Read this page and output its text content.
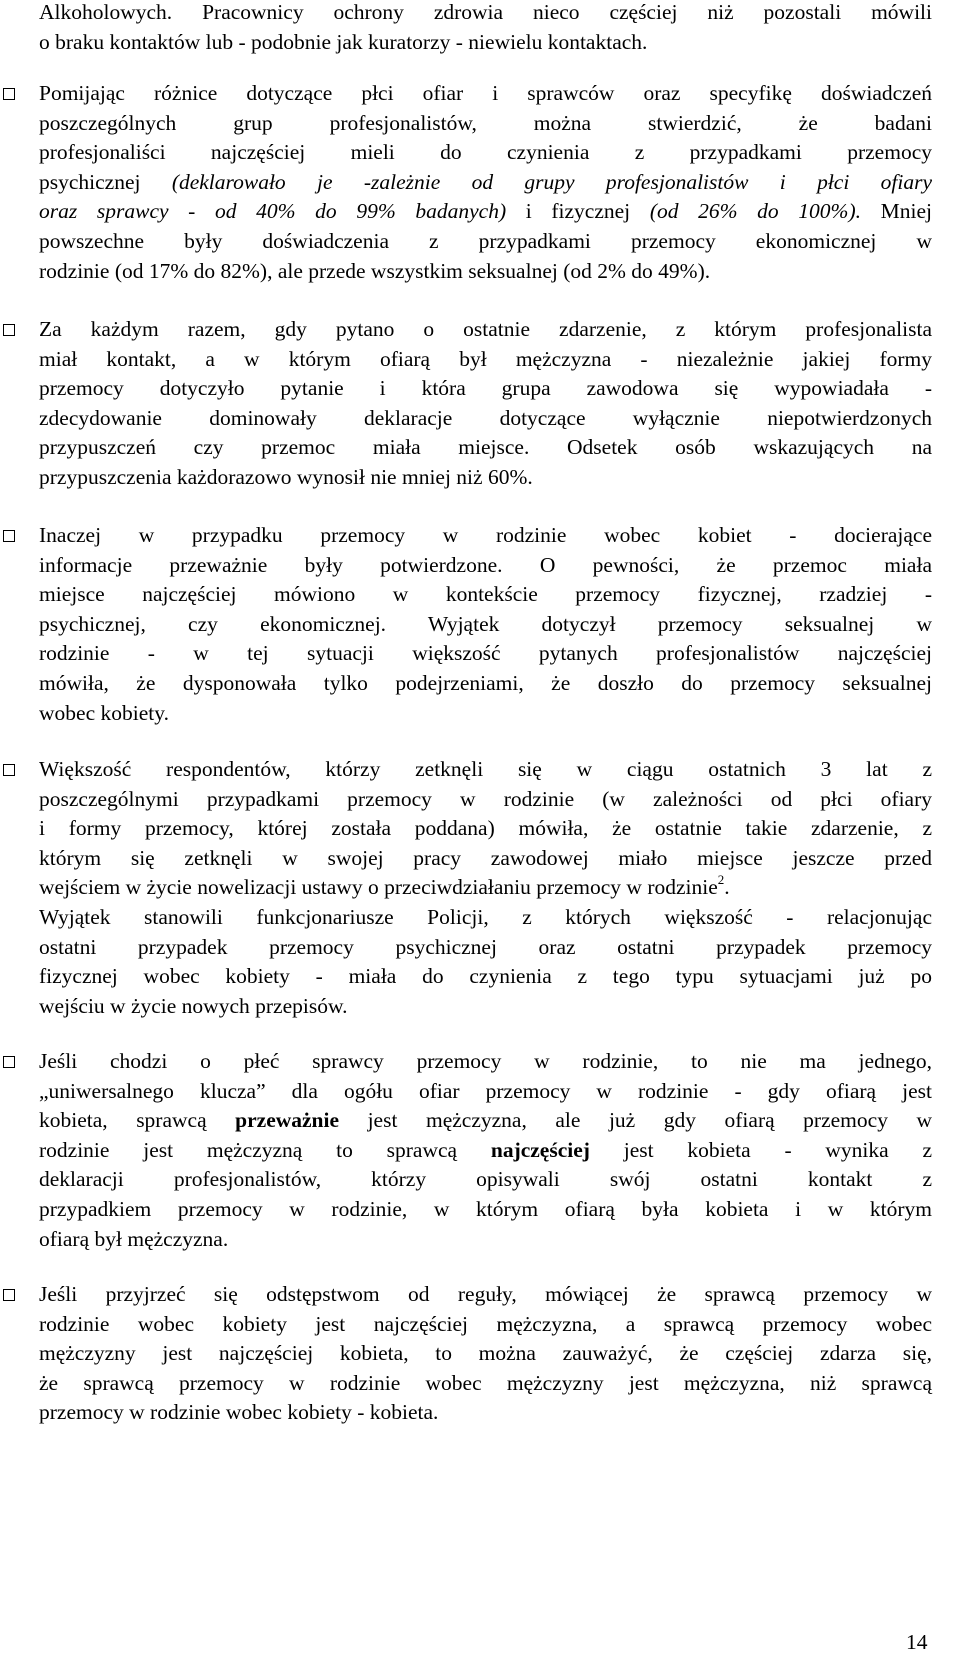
Alkoholowych. Pracownicy ochrony zdrowia nieco częściej niż pozostali mówili
o braku kontaktów lub - podobnie jak kuratorzy - niewielu kontaktach.
Pomijając różnice dotyczące płci ofiar i sprawców oraz specyfikę doświadczeń
poszczególnych grup profesjonalistów, można stwierdzić, że badani
profesjonaliści najczęściej mieli do czynienia z przypadkami przemocy
psychicznej (deklarowało je -zależnie od grupy profesjonalistów i płci ofiary
oraz sprawcy - od 40% do 99% badanych) i fizycznej (od 26% do 100%). Mniej
powszechne były doświadczenia z przypadkami przemocy ekonomicznej w
rodzinie (od 17% do 82%), ale przede wszystkim seksualnej (od 2% do 49%).
Za każdym razem, gdy pytano o ostatnie zdarzenie, z którym profesjonalista
miał kontakt, a w którym ofiarą był mężczyzna - niezależnie jakiej formy
przemocy dotyczyło pytanie i która grupa zawodowa się wypowiadała -
zdecydowanie dominowały deklaracje dotyczące wyłącznie niepotwierdzonych
przypuszczeń czy przemoc miała miejsce. Odsetek osób wskazujących na
przypuszczenia każdorazowo wynosił nie mniej niż 60%.
Inaczej w przypadku przemocy w rodzinie wobec kobiet - docierające
informacje przeważnie były potwierdzone. O pewności, że przemoc miała
miejsce najczęściej mówiono w kontekście przemocy fizycznej, rzadziej -
psychicznej, czy ekonomicznej. Wyjątek dotyczył przemocy seksualnej w
rodzinie - w tej sytuacji większość pytanych profesjonalistów najczęściej
mówiła, że dysponowała tylko podejrzeniami, że doszło do przemocy seksualnej
wobec kobiety.
Większość respondentów, którzy zetknęli się w ciągu ostatnich 3 lat z
poszczególnymi przypadkami przemocy w rodzinie (w zależności od płci ofiary
i formy przemocy, której została poddana) mówiła, że ostatnie takie zdarzenie, z
którym się zetknęli w swojej pracy zawodowej miało miejsce jeszcze przed
wejściem w życie nowelizacji ustawy o przeciwdziałaniu przemocy w rodzinie$^2$.
Wyjątek stanowili funkcjonariusze Policji, z których większość - relacjonując
ostatni przypadek przemocy psychicznej oraz ostatni przypadek przemocy
fizycznej wobec kobiety - miała do czynienia z tego typu sytuacjami już po
wejściu w życie nowych przepisów.
Jeśli chodzi o płeć sprawcy przemocy w rodzinie, to nie ma jednego,
„uniwersalnego klucza” dla ogółu ofiar przemocy w rodzinie - gdy ofiarą jest
kobieta, sprawcą przeważnie jest mężczyzna, ale już gdy ofiarą przemocy w
rodzinie jest mężczyzną to sprawcą najczęściej jest kobieta - wynika z
deklaracji profesjonalistów, którzy opisywali swój ostatni kontakt z
przypadkiem przemocy w rodzinie, w którym ofiarą była kobieta i w którym
ofiarą był mężczyzna.
Jeśli przyjrzeć się odstępstwom od reguły, mówiącej że sprawcą przemocy w
rodzinie wobec kobiety jest najczęściej mężczyzna, a sprawcą przemocy wobec
mężczyzny jest najczęściej kobieta, to można zauważyć, że częściej zdarza się,
że sprawcą przemocy w rodzinie wobec mężczyzny jest mężczyzna, niż sprawcą
przemocy w rodzinie wobec kobiety - kobieta.
14
